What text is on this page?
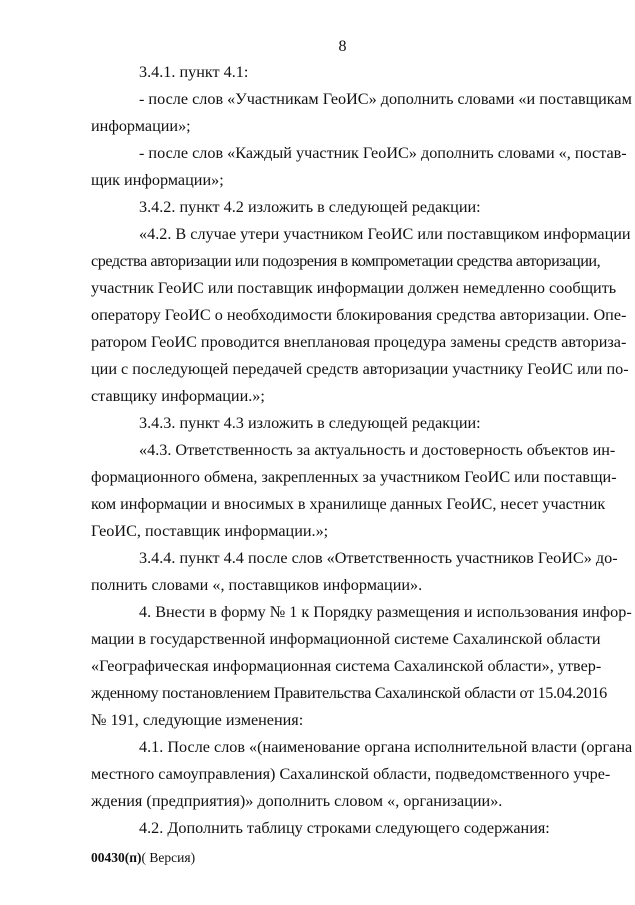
8
3.4.1. пункт 4.1:
- после слов «Участникам ГеоИС» дополнить словами «и поставщикам
информации»;
- после слов «Каждый участник ГеоИС» дополнить словами «, постав-
щик информации»;
3.4.2. пункт 4.2 изложить в следующей редакции:
«4.2. В случае утери участником ГеоИС или поставщиком информации
средства авторизации или подозрения в компрометации средства авторизации,
участник ГеоИС или поставщик информации должен немедленно сообщить
оператору ГеоИС о необходимости блокирования средства авторизации. Опе-
ратором ГеоИС проводится внеплановая процедура замены средств авториза-
ции с последующей передачей средств авторизации участнику ГеоИС или по-
ставщику информации.»;
3.4.3. пункт 4.3 изложить в следующей редакции:
«4.3. Ответственность за актуальность и достоверность объектов ин-
формационного обмена, закрепленных за участником ГеоИС или поставщи-
ком информации и вносимых в хранилище данных ГеоИС, несет участник
ГеоИС, поставщик информации.»;
3.4.4. пункт 4.4 после слов «Ответственность участников ГеоИС» до-
полнить словами «, поставщиков информации».
4. Внести в форму № 1 к Порядку размещения и использования инфор-
мации в государственной информационной системе Сахалинской области
«Географическая информационная система Сахалинской области», утвер-
жденному постановлением Правительства Сахалинской области от 15.04.2016
№ 191, следующие изменения:
4.1. После слов «(наименование органа исполнительной власти (органа
местного самоуправления) Сахалинской области, подведомственного учре-
ждения (предприятия)» дополнить словом «, организации».
4.2. Дополнить таблицу строками следующего содержания:
00430(п)( Версия)
